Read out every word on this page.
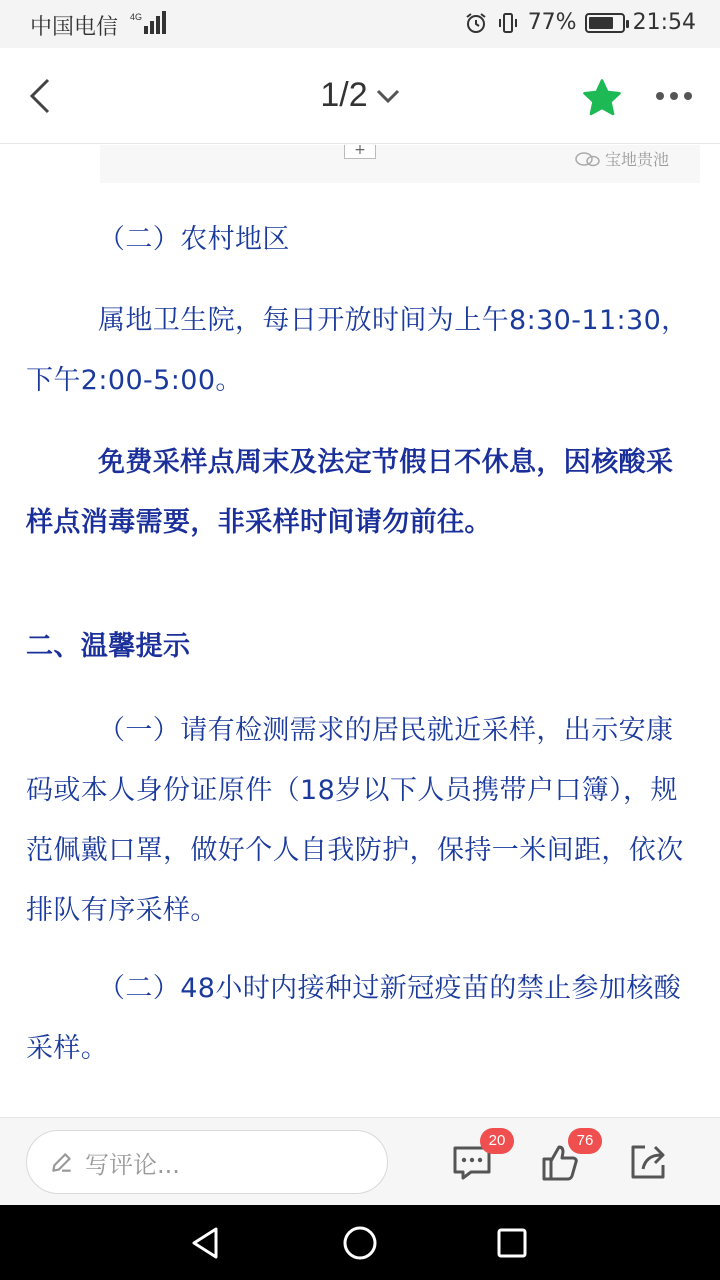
中国电信 4G	77%	21:54
1/2
+	宝地贵池

（二）农村地区

属地卫生院，每日开放时间为上午8:30-11:30，下午2:00-5:00。

免费采样点周末及法定节假日不休息，因核酸采样点消毒需要，非采样时间请勿前往。

二、温馨提示

（一）请有检测需求的居民就近采样，出示安康码或本人身份证原件（18岁以下人员携带户口簿），规范佩戴口罩，做好个人自我防护，保持一米间距，依次排队有序采样。

（二）48小时内接种过新冠疫苗的禁止参加核酸采样。

写评论...
20	76
